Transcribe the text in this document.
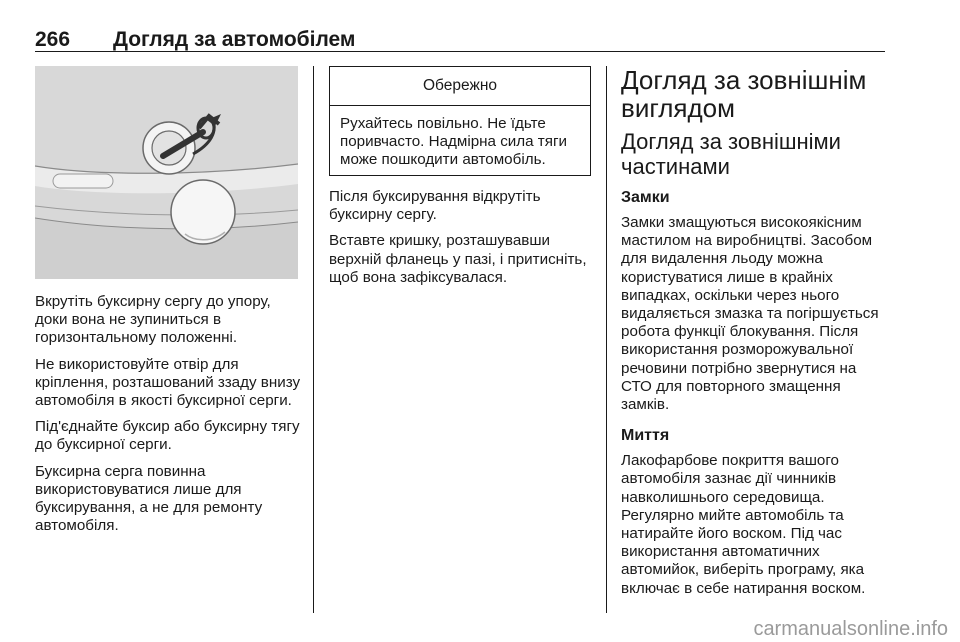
266 Догляд за автомобілем

Вкрутіть буксирну сергу до упору, доки вона не зупиниться в горизонтальному положенні.

Не використовуйте отвір для кріплення, розташований ззаду внизу автомобіля в якості буксирної серги.

Під'єднайте буксир або буксирну тягу до буксирної серги.

Буксирна серга повинна використовуватися лише для буксирування, а не для ремонту автомобіля.

Обережно
Рухайтесь повільно. Не їдьте поривчасто. Надмірна сила тяги може пошкодити автомобіль.

Після буксирування відкрутіть буксирну сергу.

Вставте кришку, розташувавши верхній фланець у пазі, і притисніть, щоб вона зафіксувалася.

Догляд за зовнішнім виглядом
Догляд за зовнішніми частинами
Замки

Замки змащуються високоякісним мастилом на виробництві. Засобом для видалення льоду можна користуватися лише в крайніх випадках, оскільки через нього видаляється змазка та погіршується робота функції блокування. Після використання розморожувальної речовини потрібно звернутися на СТО для повторного змащення замків.

Миття

Лакофарбове покриття вашого автомобіля зазнає дії чинників навколишнього середовища. Регулярно мийте автомобіль та натирайте його воском. Під час використання автоматичних автомийок, виберіть програму, яка включає в себе натирання воском.

carmanualsonline.info
